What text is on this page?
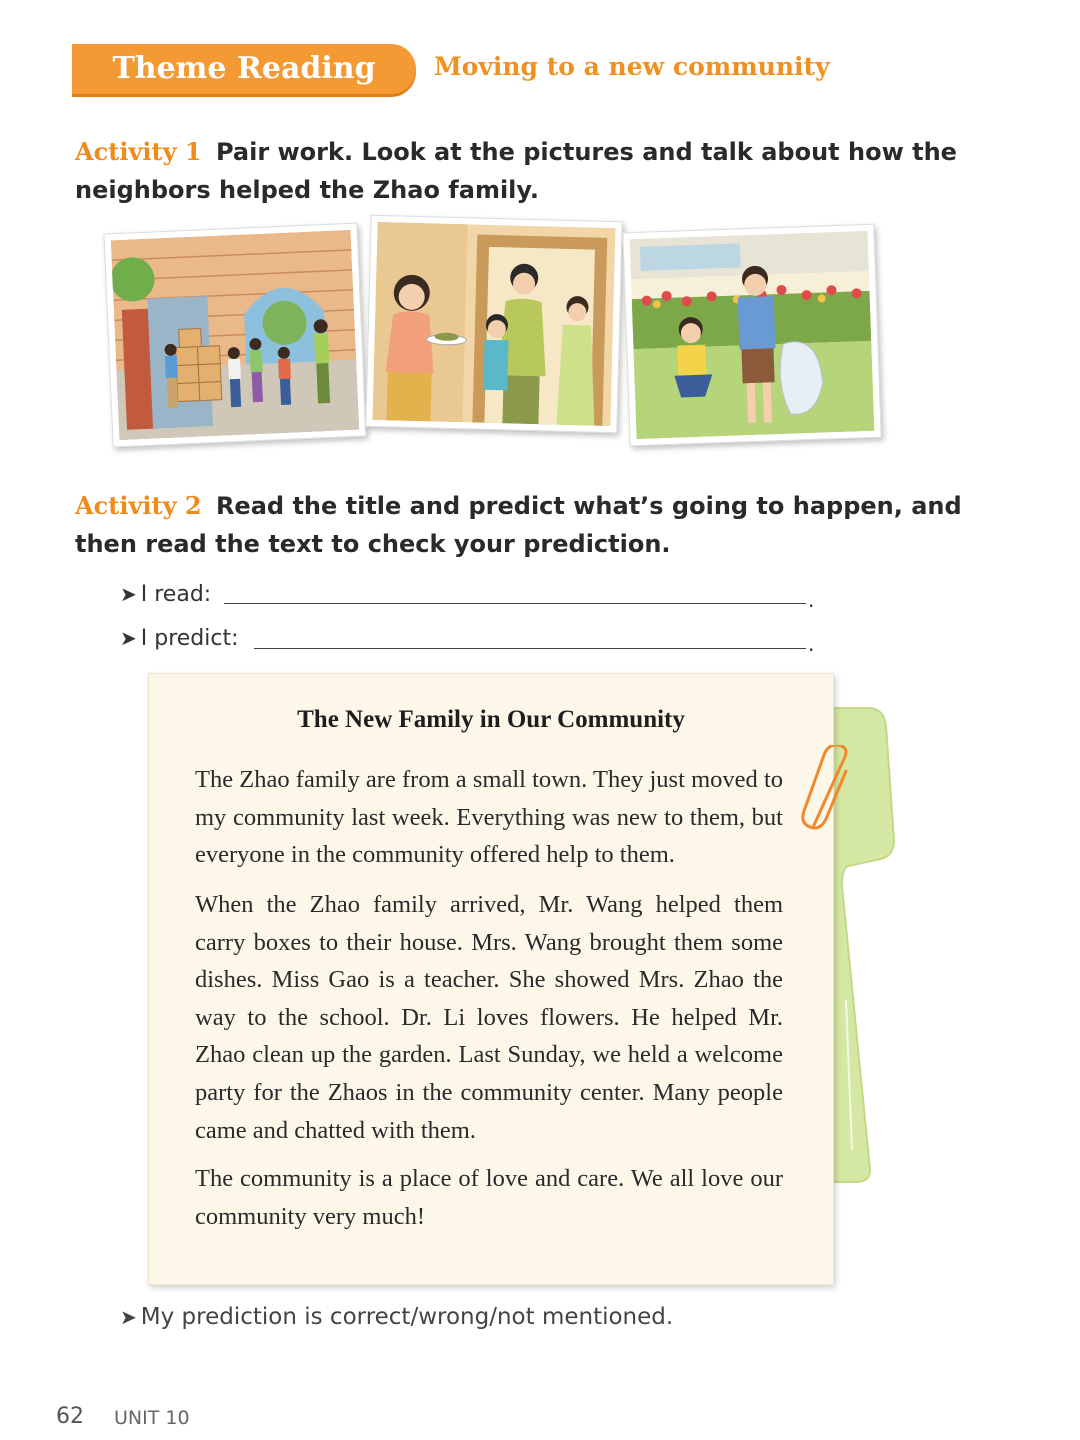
Theme Reading	Moving to a new community
Activity 1 Pair work. Look at the pictures and talk about how the neighbors helped the Zhao family.
Activity 2 Read the title and predict what’s going to happen, and then read the text to check your prediction.
➤ I read:	.
➤ I predict:	.
The New Family in Our Community

The Zhao family are from a small town. They just moved to my community last week. Everything was new to them, but everyone in the community offered help to them.

When the Zhao family arrived, Mr. Wang helped them carry boxes to their house. Mrs. Wang brought them some dishes. Miss Gao is a teacher. She showed Mrs. Zhao the way to the school. Dr. Li loves flowers. He helped Mr. Zhao clean up the garden. Last Sunday, we held a welcome party for the Zhaos in the community center. Many people came and chatted with them.

The community is a place of love and care. We all love our community very much!

➤ My prediction is correct/wrong/not mentioned.
62 UNIT 10
